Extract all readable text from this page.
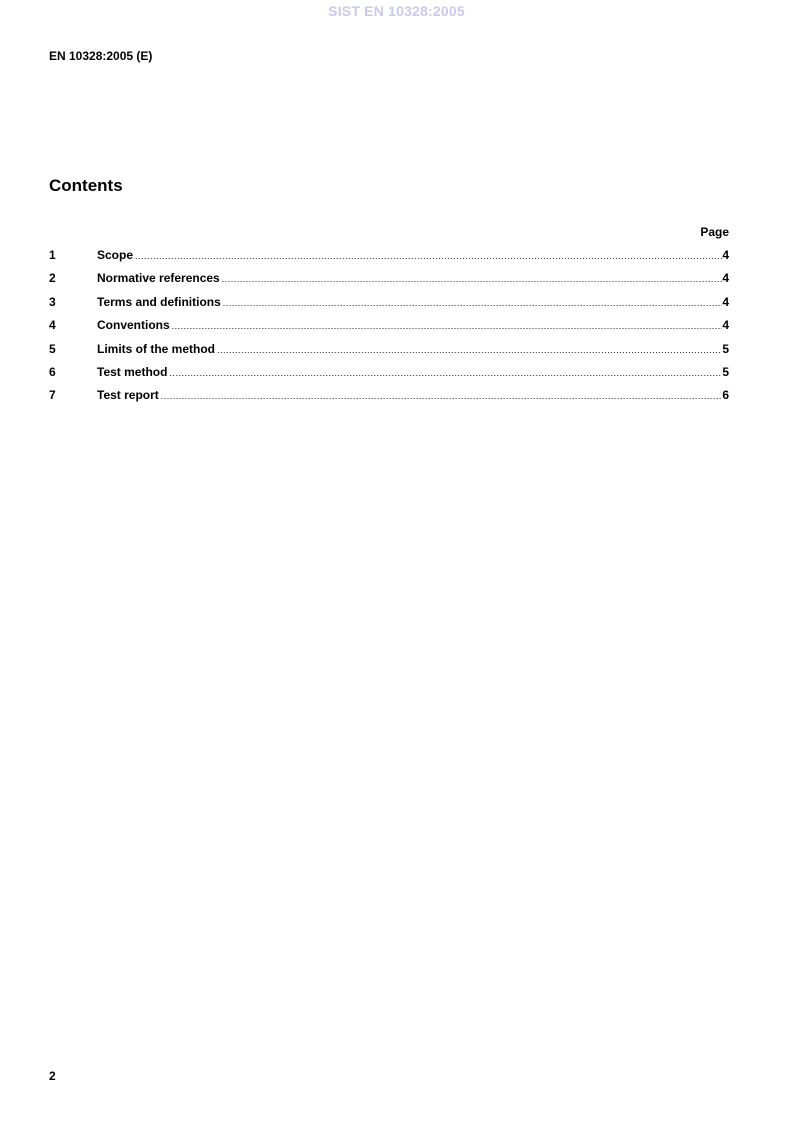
SIST EN 10328:2005
EN 10328:2005 (E)
Contents
Page
1	Scope .....	4
2	Normative references .....	4
3	Terms and definitions .....	4
4	Conventions .....	4
5	Limits of the method .....	5
6	Test method .....	5
7	Test report .....	6
2
